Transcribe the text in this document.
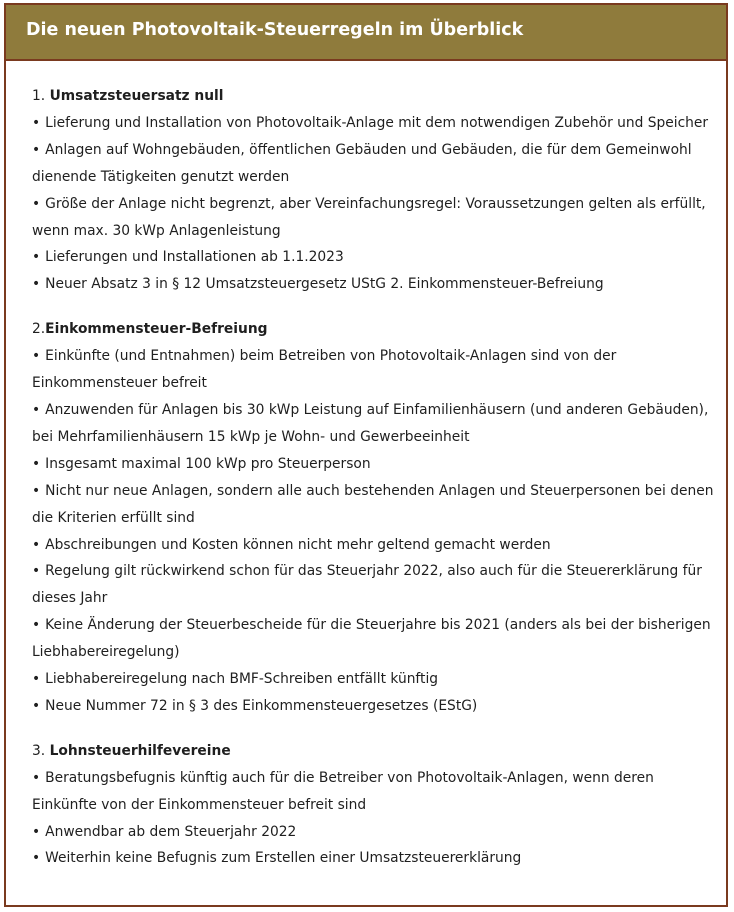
Die neuen Photovoltaik-Steuerregeln im Überblick
1. Umsatzsteuersatz null

• Lieferung und Installation von Photovoltaik-Anlage mit dem notwendigen Zubehör und Speicher

• Anlagen auf Wohngebäuden, öffentlichen Gebäuden und Gebäuden, die für dem Gemeinwohl dienende Tätigkeiten genutzt werden

• Größe der Anlage nicht begrenzt, aber Vereinfachungsregel: Voraussetzungen gelten als erfüllt, wenn max. 30 kWp Anlagenleistung

• Lieferungen und Installationen ab 1.1.2023

• Neuer Absatz 3 in § 12 Umsatzsteuergesetz UStG 2. Einkommensteuer-Befreiung

2.Einkommensteuer-Befreiung

• Einkünfte (und Entnahmen) beim Betreiben von Photovoltaik-Anlagen sind von der Einkommensteuer befreit

• Anzuwenden für Anlagen bis 30 kWp Leistung auf Einfamilienhäusern (und anderen Gebäuden), bei Mehrfamilienhäusern 15 kWp je Wohn- und Gewerbeeinheit

• Insgesamt maximal 100 kWp pro Steuerperson

• Nicht nur neue Anlagen, sondern alle auch bestehenden Anlagen und Steuerpersonen bei denen die Kriterien erfüllt sind

• Abschreibungen und Kosten können nicht mehr geltend gemacht werden

• Regelung gilt rückwirkend schon für das Steuerjahr 2022, also auch für die Steuererklärung für dieses Jahr

• Keine Änderung der Steuerbescheide für die Steuerjahre bis 2021 (anders als bei der bisherigen Liebhabereiregelung)

• Liebhabereiregelung nach BMF-Schreiben entfällt künftig

• Neue Nummer 72 in § 3 des Einkommensteuergesetzes (EStG)

3. Lohnsteuerhilfevereine

• Beratungsbefugnis künftig auch für die Betreiber von Photovoltaik-Anlagen, wenn deren Einkünfte von der Einkommensteuer befreit sind

• Anwendbar ab dem Steuerjahr 2022

• Weiterhin keine Befugnis zum Erstellen einer Umsatzsteuererklärung
